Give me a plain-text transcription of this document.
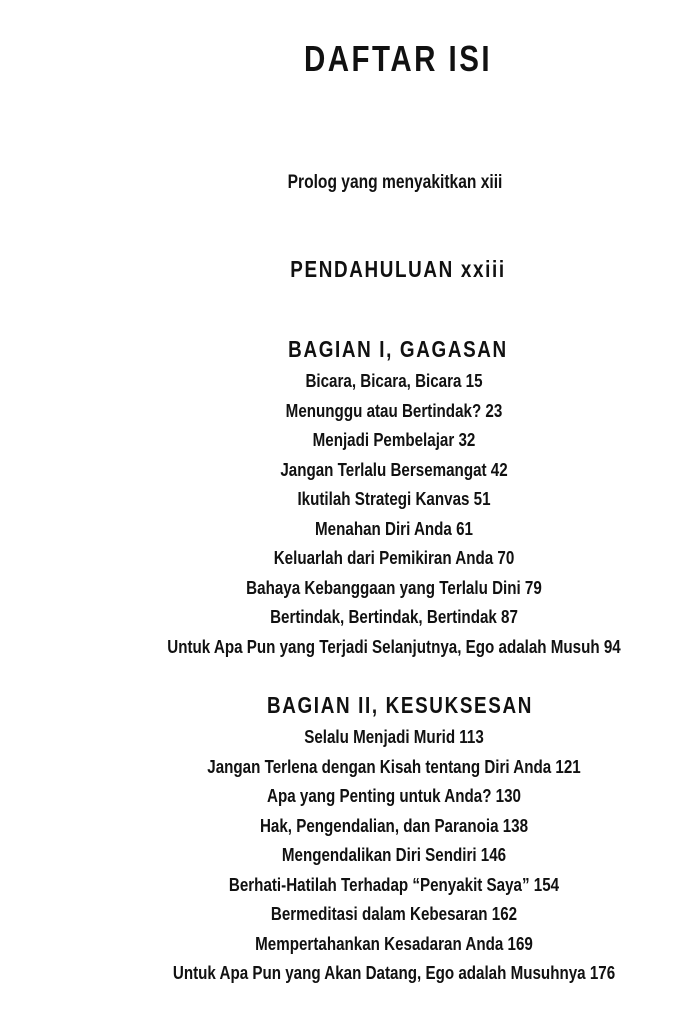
DAFTAR ISI
Prolog yang menyakitkan xiii
PENDAHULUAN xxiii
BAGIAN I, GAGASAN
Bicara, Bicara, Bicara 15
Menunggu atau Bertindak? 23
Menjadi Pembelajar 32
Jangan Terlalu Bersemangat 42
Ikutilah Strategi Kanvas 51
Menahan Diri Anda 61
Keluarlah dari Pemikiran Anda 70
Bahaya Kebanggaan yang Terlalu Dini 79
Bertindak, Bertindak, Bertindak 87
Untuk Apa Pun yang Terjadi Selanjutnya, Ego adalah Musuh 94
BAGIAN II, KESUKSESAN
Selalu Menjadi Murid 113
Jangan Terlena dengan Kisah tentang Diri Anda 121
Apa yang Penting untuk Anda? 130
Hak, Pengendalian, dan Paranoia 138
Mengendalikan Diri Sendiri 146
Berhati-Hatilah Terhadap “Penyakit Saya” 154
Bermeditasi dalam Kebesaran 162
Mempertahankan Kesadaran Anda 169
Untuk Apa Pun yang Akan Datang, Ego adalah Musuhnya 176
